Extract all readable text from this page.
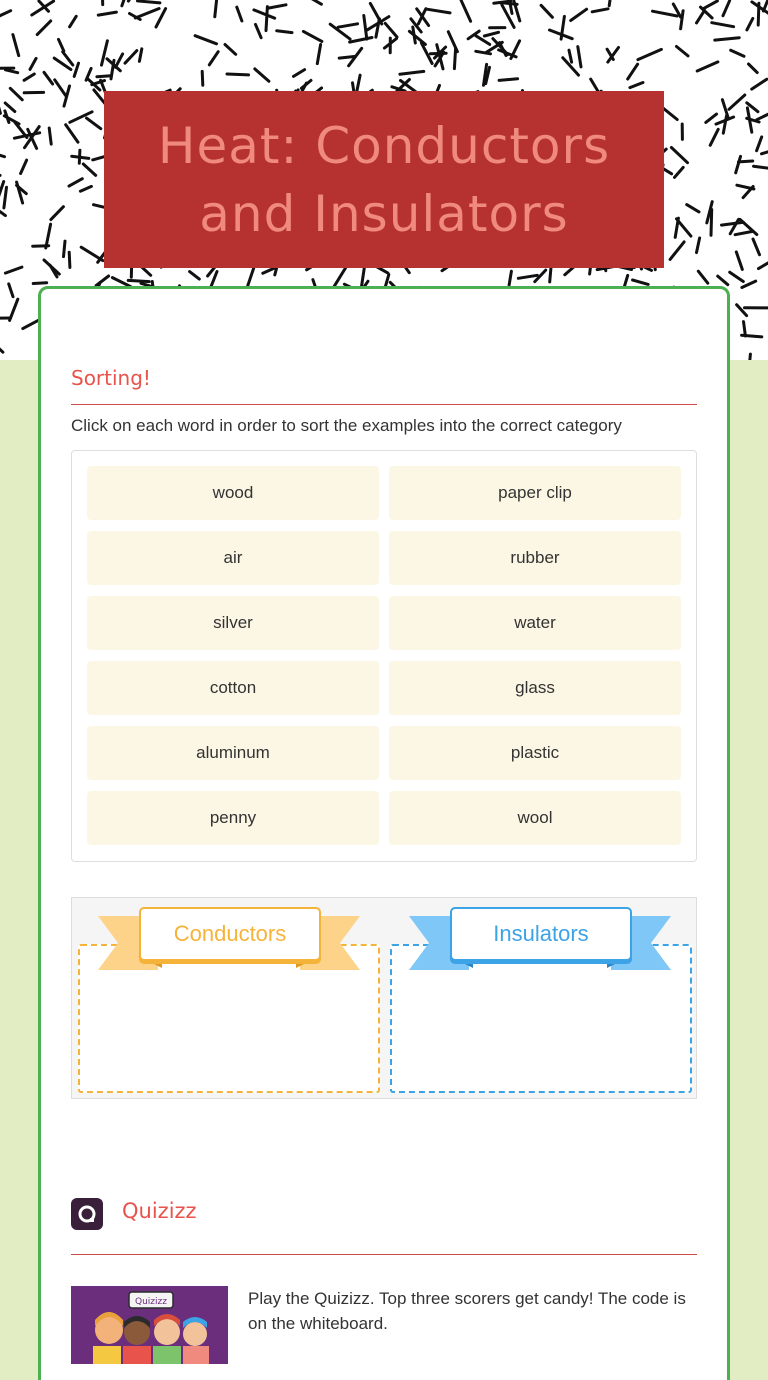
Heat: Conductors and Insulators
Sorting!
Click on each word in order to sort the examples into the correct category
wood	paper clip
air	rubber
silver	water
cotton	glass
aluminum	plastic
penny	wool
Conductors	Insulators
Quizizz
Quizizz	Play the Quizizz. Top three scorers get candy! The code is on the whiteboard.
